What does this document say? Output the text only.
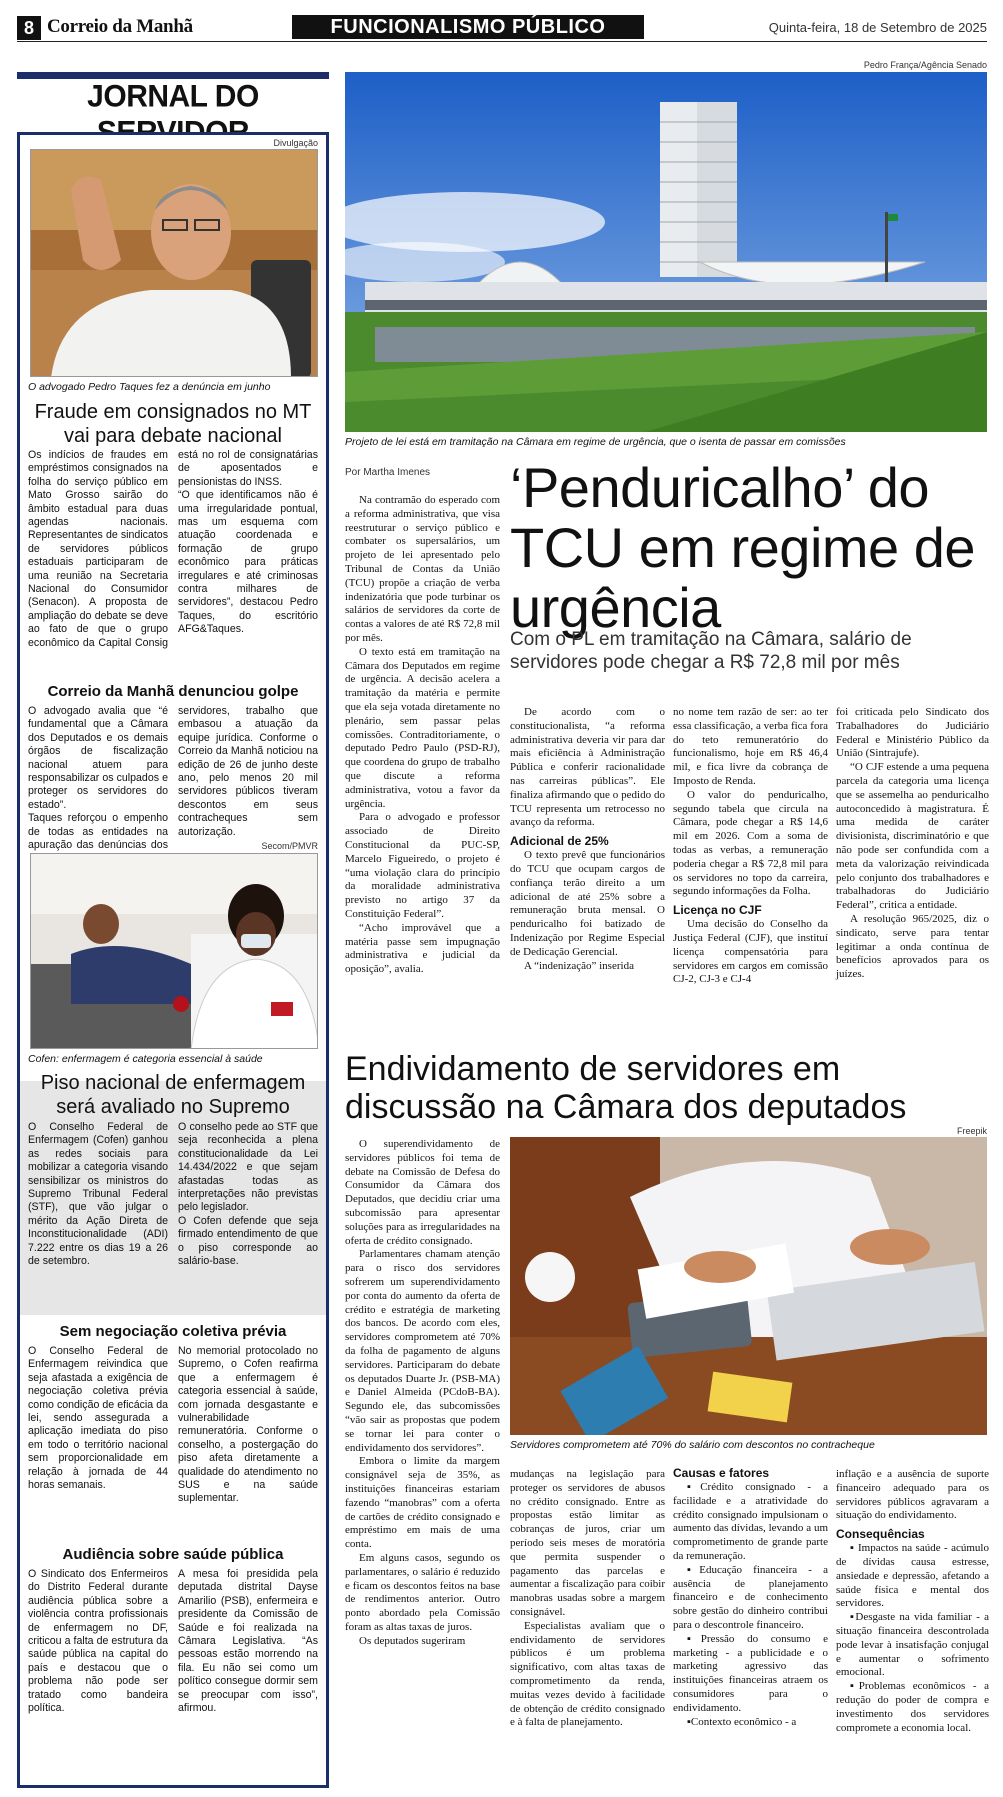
8 Correio da Manhã	FUNCIONALISMO PÚBLICO	Quinta-feira, 18 de Setembro de 2025
JORNAL DO
Divulgação
O advogado Pedro Taques fez a denúncia em junho
Fraude em consignados no MT vai para debate nacional

Os indícios de fraudes em empréstimos consignados na folha do serviço público em Mato Grosso sairão do âmbito estadual para duas agendas nacionais. Representantes de sindicatos de servidores públicos estaduais participaram de uma reunião na Secretaria Nacional do Consumidor (Senacon). A proposta de ampliação do debate se deve ao fato de que o grupo econômico da Capital Consig está no rol de consignatárias de aposentados e pensionistas do INSS.

“O que identificamos não é uma irregularidade pontual, mas um esquema com atuação coordenada e formação de grupo econômico para práticas irregulares e até criminosas contra milhares de servidores”, destacou Pedro Taques, do escritório AFG&Taques.

Correio da Manhã denunciou golpe

O advogado avalia que “é fundamental que a Câmara dos Deputados e os demais órgãos de fiscalização nacional atuem para responsabilizar os culpados e proteger os servidores do estado”.

Taques reforçou o empenho de todas as entidades na apuração das denúncias dos servidores, trabalho que embasou a atuação da equipe jurídica. Conforme o Correio da Manhã noticiou na edição de 26 de junho deste ano, pelo menos 20 mil servidores públicos tiveram descontos em seus contracheques sem autorização.

Secom/PMVR
Cofen: enfermagem é categoria essencial à saúde
Piso nacional de enfermagem será avaliado no Supremo

O Conselho Federal de Enfermagem (Cofen) ganhou as redes sociais para mobilizar a categoria visando sensibilizar os ministros do Supremo Tribunal Federal (STF), que vão julgar o mérito da Ação Direta de Inconstitucionalidade (ADI) 7.222 entre os dias 19 a 26 de setembro.

O conselho pede ao STF que seja reconhecida a plena constitucionalidade da Lei 14.434/2022 e que sejam afastadas todas as interpretações não previstas pelo legislador.

O Cofen defende que seja firmado entendimento de que o piso corresponde ao salário-base.

Sem negociação coletiva prévia

O Conselho Federal de Enfermagem reivindica que seja afastada a exigência de negociação coletiva prévia como condição de eficácia da lei, sendo assegurada a aplicação imediata do piso em todo o território nacional sem proporcionalidade em relação à jornada de 44 horas semanais.

No memorial protocolado no Supremo, o Cofen reafirma que a enfermagem é categoria essencial à saúde, com jornada desgastante e vulnerabilidade remuneratória. Conforme o conselho, a postergação do piso afeta diretamente a qualidade do atendimento no SUS e na saúde suplementar.

Audiência sobre saúde pública

O Sindicato dos Enfermeiros do Distrito Federal durante audiência pública sobre a violência contra profissionais de enfermagem no DF, criticou a falta de estrutura da saúde pública na capital do país e destacou que o problema não pode ser tratado como bandeira política.

A mesa foi presidida pela deputada distrital Dayse Amarilio (PSB), enfermeira e presidente da Comissão de Saúde e foi realizada na Câmara Legislativa. “As pessoas estão morrendo na fila. Eu não sei como um político consegue dormir sem se preocupar com isso”, afirmou.

Pedro França/Agência Senado
Projeto de lei está em tramitação na Câmara em regime de urgência, que o isenta de passar em comissões
Por Martha Imenes ‘Penduricalho’ do TCU em regime de urgência
Com o PL em tramitação na Câmara, salário de servidores pode chegar a R$ 72,8 mil por mês

Na contramão do esperado com a reforma administrativa, que visa reestruturar o serviço público e combater os supersalários, um projeto de lei apresentado pelo Tribunal de Contas da União (TCU) propõe a criação de verba indenizatória que pode turbinar os salários de servidores da corte de contas a valores de até R$ 72,8 mil por mês.

O texto está em tramitação na Câmara dos Deputados em regime de urgência. A decisão acelera a tramitação da matéria e permite que ela seja votada diretamente no plenário, sem passar pelas comissões. Contraditoriamente, o deputado Pedro Paulo (PSD-RJ), que coordena do grupo de trabalho que discute a reforma administrativa, votou a favor da urgência.

Para o advogado e professor associado de Direito Constitucional da PUC-SP, Marcelo Figueiredo, o projeto é “uma violação clara do princípio da moralidade administrativa previsto no artigo 37 da Constituição Federal”.

“Acho improvável que a matéria passe sem impugnação administrativa e judicial da oposição”, avalia.

De acordo com o constitucionalista, “a reforma administrativa deveria vir para dar mais eficiência à Administração Pública e conferir racionalidade nas carreiras públicas”. Ele finaliza afirmando que o pedido do TCU representa um retrocesso no avanço da reforma.

Adicional de 25%

O texto prevê que funcionários do TCU que ocupam cargos de confiança terão direito a um adicional de até 25% sobre a remuneração bruta mensal. O penduricalho foi batizado de Indenização por Regime Especial de Dedicação Gerencial.

A “indenização” inserida

no nome tem razão de ser: ao ter essa classificação, a verba fica fora do teto remuneratório do funcionalismo, hoje em R$ 46,4 mil, e fica livre da cobrança de Imposto de Renda.

O valor do penduricalho, segundo tabela que circula na Câmara, pode chegar a R$ 14,6 mil em 2026. Com a soma de todas as verbas, a remuneração poderia chegar a R$ 72,8 mil para os servidores no topo da carreira, segundo informações da Folha.

Licença no CJF

Uma decisão do Conselho da Justiça Federal (CJF), que instituí licença compensatória para servidores em cargos em comissão CJ-2, CJ-3 e CJ-4

foi criticada pelo Sindicato dos Trabalhadores do Judiciário Federal e Ministério Público da União (Sintrajufe).

“O CJF estende a uma pequena parcela da categoria uma licença que se assemelha ao penduricalho autoconcedido à magistratura. É uma medida de caráter divisionista, discriminatório e que não pode ser confundida com a meta da valorização reivindicada pelo conjunto dos trabalhadores e trabalhadoras do Judiciário Federal”, critica a entidade.

A resolução 965/2025, diz o sindicato, serve para tentar legitimar a onda contínua de benefícios aprovados para os juízes.

Endividamento de servidores em discussão na Câmara dos deputados
Freepik
Servidores comprometem até 70% do salário com descontos no contracheque

O superendividamento de servidores públicos foi tema de debate na Comissão de Defesa do Consumidor da Câmara dos Deputados, que decidiu criar uma subcomissão para apresentar soluções para as irregularidades na oferta de crédito consignado.

Parlamentares chamam atenção para o risco dos servidores sofrerem um superendividamento por conta do aumento da oferta de crédito e estratégia de marketing dos bancos. De acordo com eles, servidores comprometem até 70% da folha de pagamento de alguns servidores. Participaram do debate os deputados Duarte Jr. (PSB-MA) e Daniel Almeida (PCdoB-BA). Segundo ele, das subcomissões “vão sair as propostas que podem se tornar lei para conter o endividamento dos servidores”.

Embora o limite da margem consignável seja de 35%, as instituições financeiras estariam fazendo “manobras” com a oferta de cartões de crédito consignado e empréstimo em mais de uma conta.

Em alguns casos, segundo os parlamentares, o salário é reduzido e ficam os descontos feitos na base de rendimentos anterior. Outro ponto abordado pela Comissão foram as altas taxas de juros.

Os deputados sugeriram

mudanças na legislação para proteger os servidores de abusos no crédito consignado. Entre as propostas estão limitar as cobranças de juros, criar um período seis meses de moratória que permita suspender o pagamento das parcelas e aumentar a fiscalização para coibir manobras usadas sobre a margem consignável.

Especialistas avaliam que o endividamento de servidores públicos é um problema significativo, com altas taxas de comprometimento da renda, muitas vezes devido à facilidade de obtenção de crédito consignado e à falta de planejamento.

Causas e fatores

▪Crédito consignado - a facilidade e a atratividade do crédito consignado impulsionam o aumento das dívidas, levando a um comprometimento de grande parte da remuneração.

▪Educação financeira - a ausência de planejamento financeiro e de conhecimento sobre gestão do dinheiro contribui para o descontrole financeiro.

▪Pressão do consumo e marketing - a publicidade e o marketing agressivo das instituições financeiras atraem os consumidores para o endividamento.

▪Contexto econômico - a

inflação e a ausência de suporte financeiro adequado para os servidores públicos agravaram a situação do endividamento.

Consequências

▪ Impactos na saúde - acúmulo de dívidas causa estresse, ansiedade e depressão, afetando a saúde física e mental dos servidores.

▪Desgaste na vida familiar - a situação financeira descontrolada pode levar à insatisfação conjugal e aumentar o sofrimento emocional.

▪Problemas econômicos - a redução do poder de compra e investimento dos servidores compromete a economia local.
